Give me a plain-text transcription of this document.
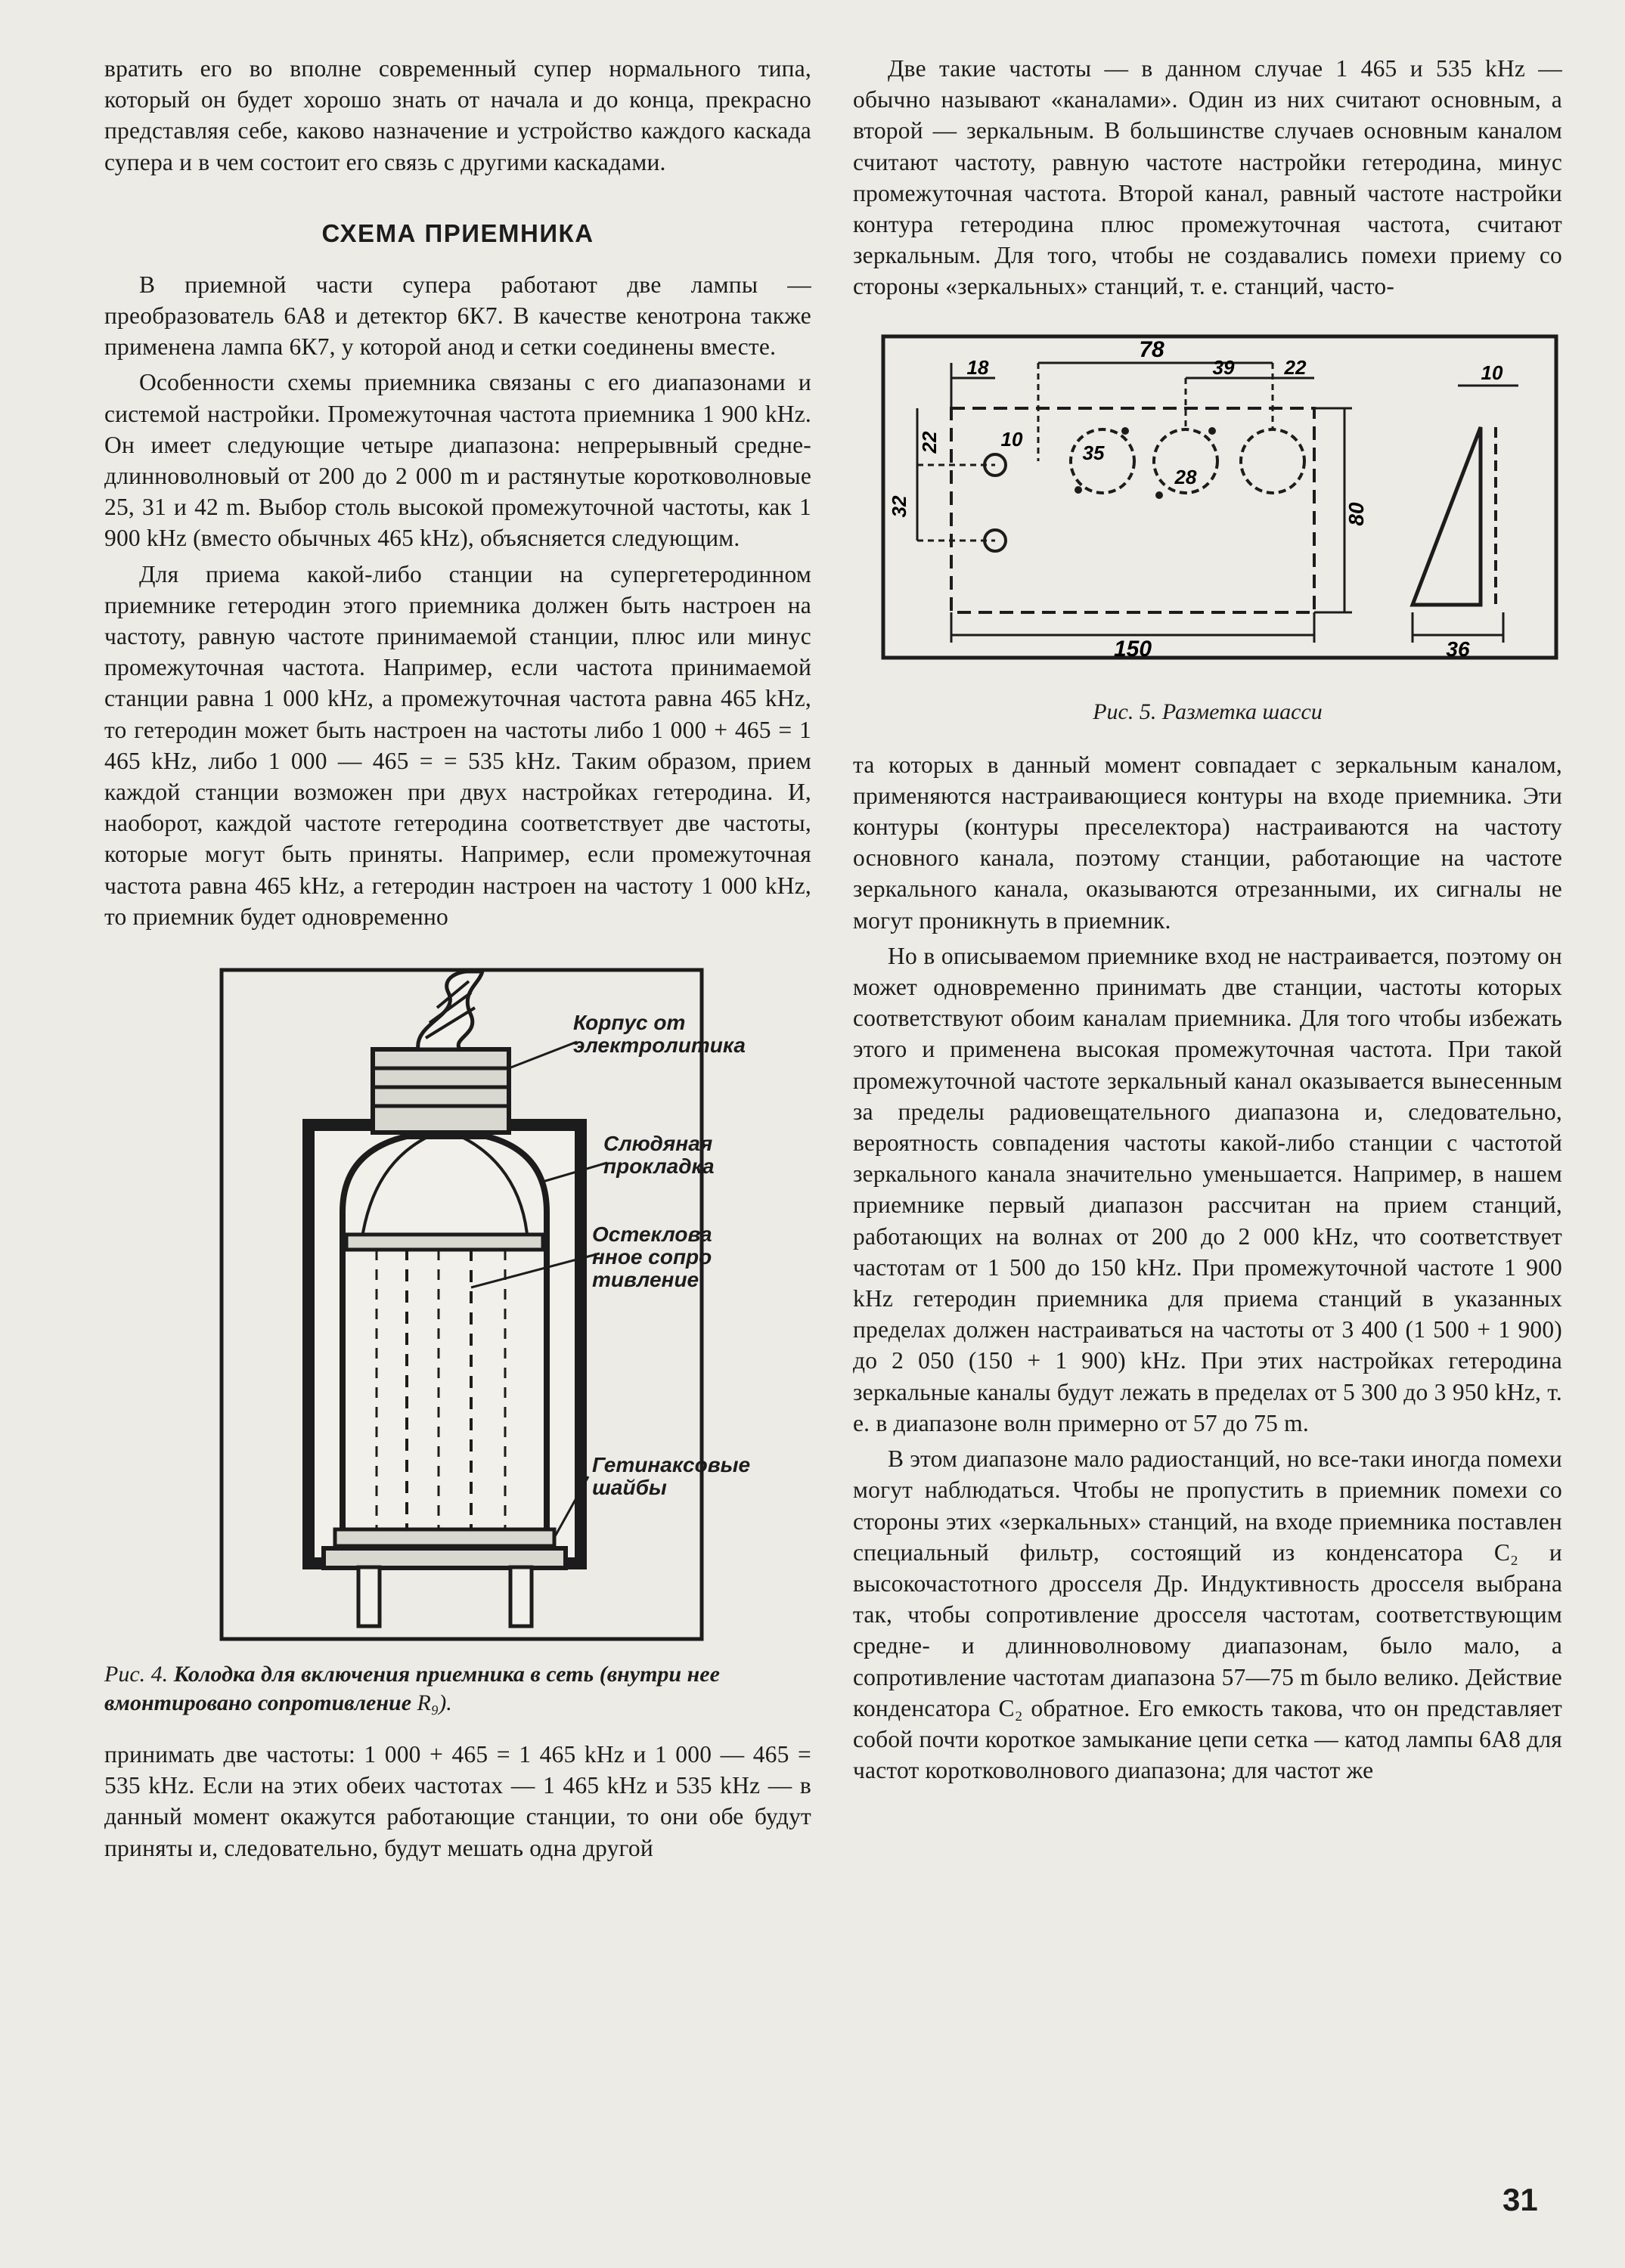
вратить его во вполне современный супер нормального типа, который он будет хорошо знать от начала и до конца, прекрасно представляя себе, каково назначение и устройство каждого каскада супера и в чем состоит его связь с другими каскадами.

СХЕМА ПРИЕМНИКА

В приемной части супера работают две лампы — преобразователь 6А8 и детектор 6К7. В качестве кенотрона также применена лампа 6К7, у которой анод и сетки соединены вместе.

Особенности схемы приемника связаны с его диапазонами и системой настройки. Промежуточная частота приемника 1 900 kHz. Он имеет следующие четыре диапазона: непрерывный средне-длинноволновый от 200 до 2 000 m и растянутые коротковолновые 25, 31 и 42 m. Выбор столь высокой промежуточной частоты, как 1 900 kHz (вместо обычных 465 kHz), объясняется следующим.

Для приема какой-либо станции на супергетеродинном приемнике гетеродин этого приемника должен быть настроен на частоту, равную частоте принимаемой станции, плюс или минус промежуточная частота. Например, если частота принимаемой станции равна 1 000 kHz, а промежуточная частота равна 465 kHz, то гетеродин может быть настроен на частоты либо 1 000 + 465 = 1 465 kHz, либо 1 000 — 465 = = 535 kHz. Таким образом, прием каждой станции возможен при двух настройках гетеродина. И, наоборот, каждой частоте гетеродина соответствует две частоты, которые могут быть приняты. Например, если промежуточная частота равна 465 kHz, а гетеродин настроен на частоту 1 000 kHz, то приемник будет одновременно

Корпус от электролитика
Слюдяная прокладка
Остеклованное сопротивление
Гетинаксовые шайбы
Рис. 4. Колодка для включения приемника в сеть (внутри нее вмонтировано сопротивление R₉).

принимать две частоты: 1 000 + 465 = 1 465 kHz и 1 000 — 465 = 535 kHz. Если на этих обеих частотах — 1 465 kHz и 535 kHz — в данный момент окажутся работающие станции, то они обе будут приняты и, следовательно, будут мешать одна другой

Две такие частоты — в данном случае 1 465 и 535 kHz — обычно называют «каналами». Один из них считают основным, а второй — зеркальным. В большинстве случаев основным каналом считают частоту, равную частоте настройки гетеродина, минус промежуточная частота. Второй канал, равный частоте настройки контура гетеродина плюс промежуточная частота, считают зеркальным. Для того, чтобы не создавались помехи приему со стороны «зеркальных» станций, т. е. станций, часто-

78
18	39	22	10
22
32
10
35
28
80
150	36
Рис. 5. Разметка шасси

та которых в данный момент совпадает с зеркальным каналом, применяются настраивающиеся контуры на входе приемника. Эти контуры (контуры преселектора) настраиваются на частоту основного канала, поэтому станции, работающие на частоте зеркального канала, оказываются отрезанными, их сигналы не могут проникнуть в приемник.

Но в описываемом приемнике вход не настраивается, поэтому он может одновременно принимать две станции, частоты которых соответствуют обоим каналам приемника. Для того чтобы избежать этого и применена высокая промежуточная частота. При такой промежуточной частоте зеркальный канал оказывается вынесенным за пределы радиовещательного диапазона и, следовательно, вероятность совпадения частоты какой-либо станции с частотой зеркального канала значительно уменьшается. Например, в нашем приемнике первый диапазон рассчитан на прием станций, работающих на волнах от 200 до 2 000 kHz, что соответствует частотам от 1 500 до 150 kHz. При промежуточной частоте 1 900 kHz гетеродин приемника для приема станций в указанных пределах должен настраиваться на частоты от 3 400 (1 500 + 1 900) до 2 050 (150 + 1 900) kHz. При этих настройках гетеродина зеркальные каналы будут лежать в пределах от 5 300 до 3 950 kHz, т. е. в диапазоне волн примерно от 57 до 75 m.

В этом диапазоне мало радиостанций, но все-таки иногда помехи могут наблюдаться. Чтобы не пропустить в приемник помехи со стороны этих «зеркальных» станций, на входе приемника поставлен специальный фильтр, состоящий из конденсатора С₂ и высокочастотного дросселя Др. Индуктивность дросселя выбрана так, чтобы сопротивление дросселя частотам, соответствующим средне- и длинноволновому диапазонам, было мало, а сопротивление частотам диапазона 57—75 m было велико. Действие конденсатора С₂ обратное. Его емкость такова, что он представляет собой почти короткое замыкание цепи сетка — катод лампы 6А8 для частот коротковолнового диапазона; для частот же

31
